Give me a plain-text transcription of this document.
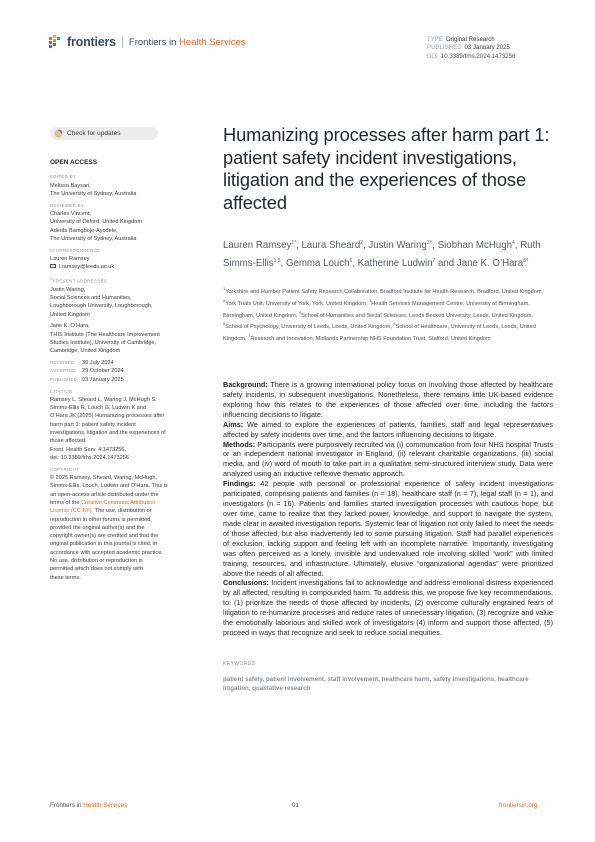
frontiers Frontiers in Health Services	TYPE Original Research
PUBLISHED 03 January 2025
DOI 10.3389/frhs.2024.1473256
Check for updates	Humanizing processes after harm part 1: patient safety incident investigations, litigation and the experiences of those affected
Lauren Ramsey$^{1*}$, Laura Sheard$^2$, Justin Waring$^{3\dagger}$, Siobhan McHugh$^4$, Ruth Simms-Ellis$^{1,5}$, Gemma Louch$^6$, Katherine Ludwin$^7$ and Jane K. O’Hara$^{8\dagger}$
$^1$Yorkshire and Humber Patient Safety Research Collaboration, Bradford Institute for Health Research, Bradford, United Kingdom, $^2$York Trials Unit, University of York, York, United Kingdom, $^3$Health Services Management Centre, University of Birmingham, Birmingham, United Kingdom, $^4$School of Humanities and Social Sciences, Leeds Beckett University, Leeds, United Kingdom, $^5$School of Psychology, University of Leeds, Leeds, United Kingdom, $^6$School of Healthcare, University of Leeds, Leeds, United Kingdom, $^7$Research and Innovation, Midlands Partnership NHS Foundation Trust, Stafford, United Kingdom

Background: There is a growing international policy focus on involving those affected by healthcare safety incidents, in subsequent investigations. Nonetheless, there remains little UK-based evidence exploring how this relates to the experiences of those affected over time, including the factors influencing decisions to litigate.

Aims: We aimed to explore the experiences of patients, families, staff and legal representatives affected by safety incidents over time, and the factors influencing decisions to litigate.

Methods: Participants were purposively recruited via (i) communication from four NHS hospital Trusts or an independent national investigator in England, (ii) relevant charitable organizations, (iii) social media, and (iv) word of mouth to take part in a qualitative semi-structured interview study. Data were analyzed using an inductive reflexive thematic approach.

Findings: 42 people with personal or professional experience of safety incident investigations participated, comprising patients and families (n = 18), healthcare staff (n = 7), legal staff (n = 1), and investigators (n = 16). Patients and families started investigation processes with cautious hope, but over time, came to realize that they lacked power, knowledge, and support to navigate the system, made clear in awaited investigation reports. Systemic fear of litigation not only failed to meet the needs of those affected, but also inadvertently led to some pursuing litigation. Staff had parallel experiences of exclusion, lacking support and feeling left with an incomplete narrative. Importantly, investigating was often perceived as a lonely, invisible and undervalued role involving skilled “work” with limited training, resources, and infrastructure. Ultimately, elusive “organizational agendas” were prioritized above the needs of all affected.

Conclusions: Incident investigations fail to acknowledge and address emotional distress experienced by all affected, resulting in compounded harm. To address this, we propose five key recommendations, to: (1) prioritize the needs of those affected by incidents, (2) overcome culturally engrained fears of litigation to re-humanize processes and reduce rates of unnecessary litigation, (3) recognize and value the emotionally laborious and skilled work of investigators (4) inform and support those affected, (5) proceed in ways that recognize and seek to reduce social inequities.

KEYWORDS
patient safety, patient involvement, staff involvement, healthcare harm, safety investigations, healthcare litigation, qualitative research
OPEN ACCESS
EDITED BY
Melissa Baysari,
The University of Sydney, Australia
REVIEWED BY
Charles Vincent,
University of Oxford, United Kingdom
Adeola Bamgboje-Ayodele,
The University of Sydney, Australia
*CORRESPONDENCE
Lauren Ramsey
l.ramsey@leeds.ac.uk
†PRESENT ADDRESSES
Justin Waring,
Social Sciences and Humanities,
Loughborough University, Loughborough,
United Kingdom
Jane K. O’Hara,
THIS Institute (The Healthcare Improvement
Studies Institute), University of Cambridge,
Cambridge, United Kingdom
RECEIVED	30 July 2024
ACCEPTED	29 October 2024
PUBLISHED 03 January 2025
CITATION
Ramsey L, Sheard L, Waring J, McHugh S,
Simms-Ellis R, Louch G, Ludwin K and
O’Hara JK (2025) Humanizing processes after
harm part 1: patient safety incident
investigations, litigation and the experiences of
those affected.
Front. Health Serv. 4:1473256.
doi: 10.3389/frhs.2024.1473256
COPYRIGHT
© 2025 Ramsey, Sheard, Waring, McHugh,
Simms-Ellis, Louch, Ludwin and O’Hara. This is
an open-access article distributed under the
terms of the Creative Commons Attribution
License (CC BY). The use, distribution or
reproduction in other forums is permitted,
provided the original author(s) and the
copyright owner(s) are credited and that the
original publication in this journal is cited, in
accordance with accepted academic practice.
No use, distribution or reproduction is
permitted which does not comply with
these terms.
Frontiers in Health Services	01	frontiersin.org
